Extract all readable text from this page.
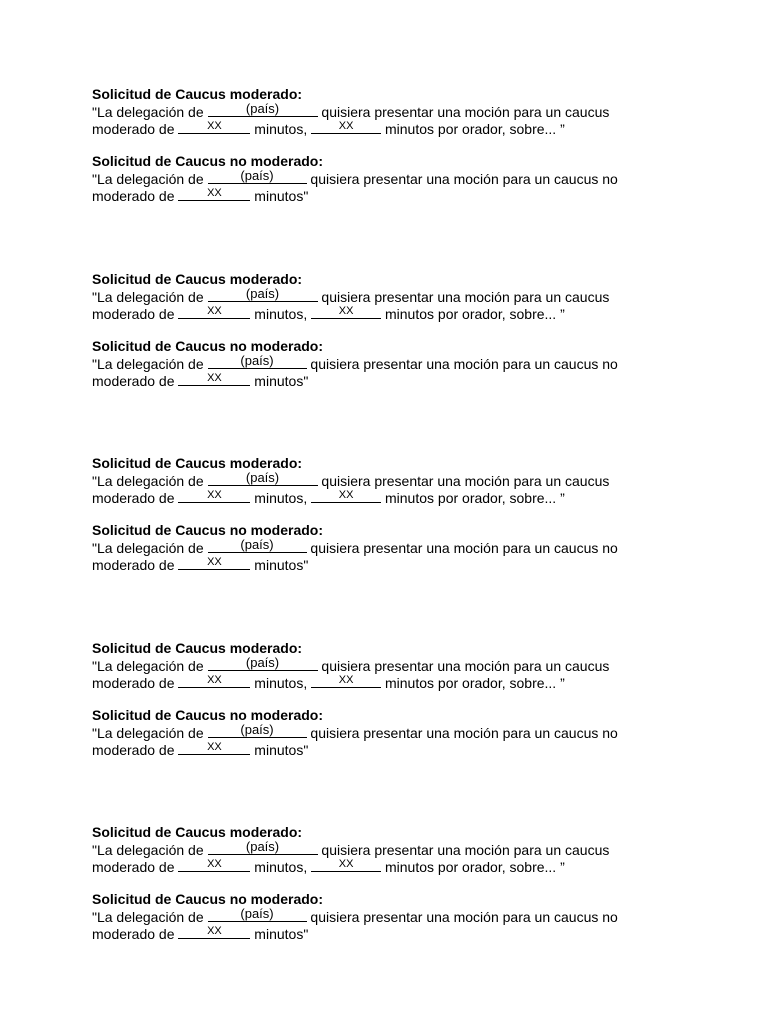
Solicitud de Caucus moderado:
"La delegación de	(país)	quisiera presentar una moción para un caucus
moderado de	XX	minutos,	XX	minutos por orador, sobre... ”
Solicitud de Caucus no moderado:
"La delegación de	(país)	quisiera presentar una moción para un caucus no
moderado de	XX	minutos"
Solicitud de Caucus moderado:
"La delegación de	(país)	quisiera presentar una moción para un caucus
moderado de	XX	minutos,	XX	minutos por orador, sobre... ”
Solicitud de Caucus no moderado:
"La delegación de	(país)	quisiera presentar una moción para un caucus no
moderado de	XX	minutos"
Solicitud de Caucus moderado:
"La delegación de	(país)	quisiera presentar una moción para un caucus
moderado de	XX	minutos,	XX	minutos por orador, sobre... ”
Solicitud de Caucus no moderado:
"La delegación de	(país)	quisiera presentar una moción para un caucus no
moderado de	XX	minutos"
Solicitud de Caucus moderado:
"La delegación de	(país)	quisiera presentar una moción para un caucus
moderado de	XX	minutos,	XX	minutos por orador, sobre... ”
Solicitud de Caucus no moderado:
"La delegación de	(país)	quisiera presentar una moción para un caucus no
moderado de	XX	minutos"
Solicitud de Caucus moderado:
"La delegación de	(país)	quisiera presentar una moción para un caucus
moderado de	XX	minutos,	XX	minutos por orador, sobre... ”
Solicitud de Caucus no moderado:
"La delegación de	(país)	quisiera presentar una moción para un caucus no
moderado de	XX	minutos"
